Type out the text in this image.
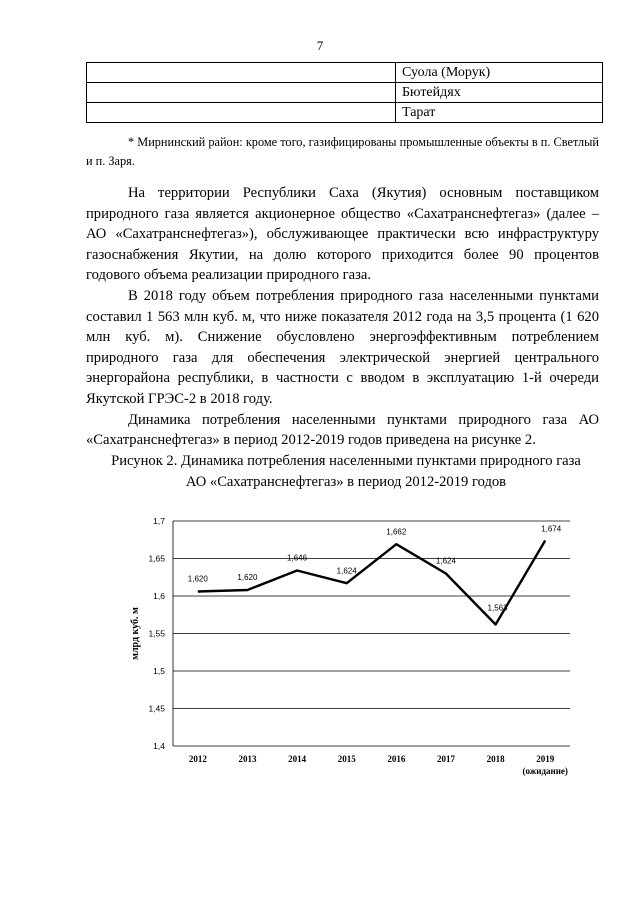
7
	Суола (Морук)
	Бютейдях
	Тарат
* Мирнинский район: кроме того, газифицированы промышленные объекты в п. Светлый и п. Заря.

На территории Республики Саха (Якутия) основным поставщиком природного газа является акционерное общество «Сахатранснефтегаз» (далее – АО «Сахатранснефтегаз»), обслуживающее практически всю инфраструктуру газоснабжения Якутии, на долю которого приходится более 90 процентов годового объема реализации природного газа.

В 2018 году объем потребления природного газа населенными пунктами составил 1 563 млн куб. м, что ниже показателя 2012 года на 3,5 процента (1 620 млн куб. м). Снижение обусловлено энергоэффективным потреблением природного газа для обеспечения электрической энергией центрального энергорайона республики, в частности с вводом в эксплуатацию 1-й очереди Якутской ГРЭС-2 в 2018 году.

Динамика потребления населенными пунктами природного газа АО «Сахатранснефтегаз» в период 2012-2019 годов приведена на рисунке 2.

Рисунок 2. Динамика потребления населенными пунктами природного газа
АО «Сахатранснефтегаз» в период 2012-2019 годов
1,4
1,45
1,5
1,55
1,6
1,65
1,7
млрд куб. м
2012	2013	2014	2015	2016	2017	2018	2019
(ожидание)
1,620	1,620
1,646
1,624
1,662
1,624
1,563
1,674
